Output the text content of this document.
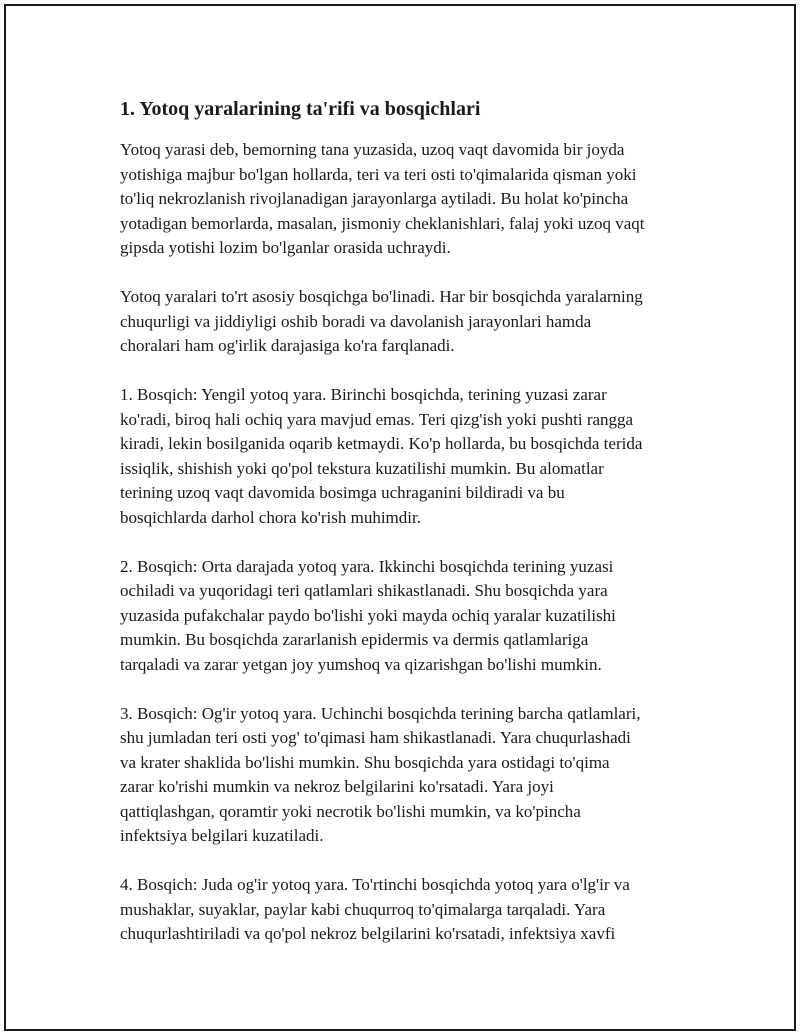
1. Yotoq yaralarining ta'rifi va bosqichlari

Yotoq yarasi deb, bemorning tana yuzasida, uzoq vaqt davomida bir joyda
yotishiga majbur bo'lgan hollarda, teri va teri osti to'qimalarida qisman yoki
to'liq nekrozlanish rivojlanadigan jarayonlarga aytiladi. Bu holat ko'pincha
yotadigan bemorlarda, masalan, jismoniy cheklanishlari, falaj yoki uzoq vaqt
gipsda yotishi lozim bo'lganlar orasida uchraydi.

Yotoq yaralari to'rt asosiy bosqichga bo'linadi. Har bir bosqichda yaralarning
chuqurligi va jiddiyligi oshib boradi va davolanish jarayonlari hamda
choralari ham og'irlik darajasiga ko'ra farqlanadi.

1. Bosqich: Yengil yotoq yara. Birinchi bosqichda, terining yuzasi zarar
ko'radi, biroq hali ochiq yara mavjud emas. Teri qizg'ish yoki pushti rangga
kiradi, lekin bosilganida oqarib ketmaydi. Ko'p hollarda, bu bosqichda terida
issiqlik, shishish yoki qo'pol tekstura kuzatilishi mumkin. Bu alomatlar
terining uzoq vaqt davomida bosimga uchraganini bildiradi va bu
bosqichlarda darhol chora ko'rish muhimdir.

2. Bosqich: Orta darajada yotoq yara. Ikkinchi bosqichda terining yuzasi
ochiladi va yuqoridagi teri qatlamlari shikastlanadi. Shu bosqichda yara
yuzasida pufakchalar paydo bo'lishi yoki mayda ochiq yaralar kuzatilishi
mumkin. Bu bosqichda zararlanish epidermis va dermis qatlamlariga
tarqaladi va zarar yetgan joy yumshoq va qizarishgan bo'lishi mumkin.

3. Bosqich: Og'ir yotoq yara. Uchinchi bosqichda terining barcha qatlamlari,
shu jumladan teri osti yog' to'qimasi ham shikastlanadi. Yara chuqurlashadi
va krater shaklida bo'lishi mumkin. Shu bosqichda yara ostidagi to'qima
zarar ko'rishi mumkin va nekroz belgilarini ko'rsatadi. Yara joyi
qattiqlashgan, qoramtir yoki necrotik bo'lishi mumkin, va ko'pincha
infektsiya belgilari kuzatiladi.

4. Bosqich: Juda og'ir yotoq yara. To'rtinchi bosqichda yotoq yara o'lg'ir va
mushaklar, suyaklar, paylar kabi chuqurroq to'qimalarga tarqaladi. Yara
chuqurlashtiriladi va qo'pol nekroz belgilarini ko'rsatadi, infektsiya xavfi
